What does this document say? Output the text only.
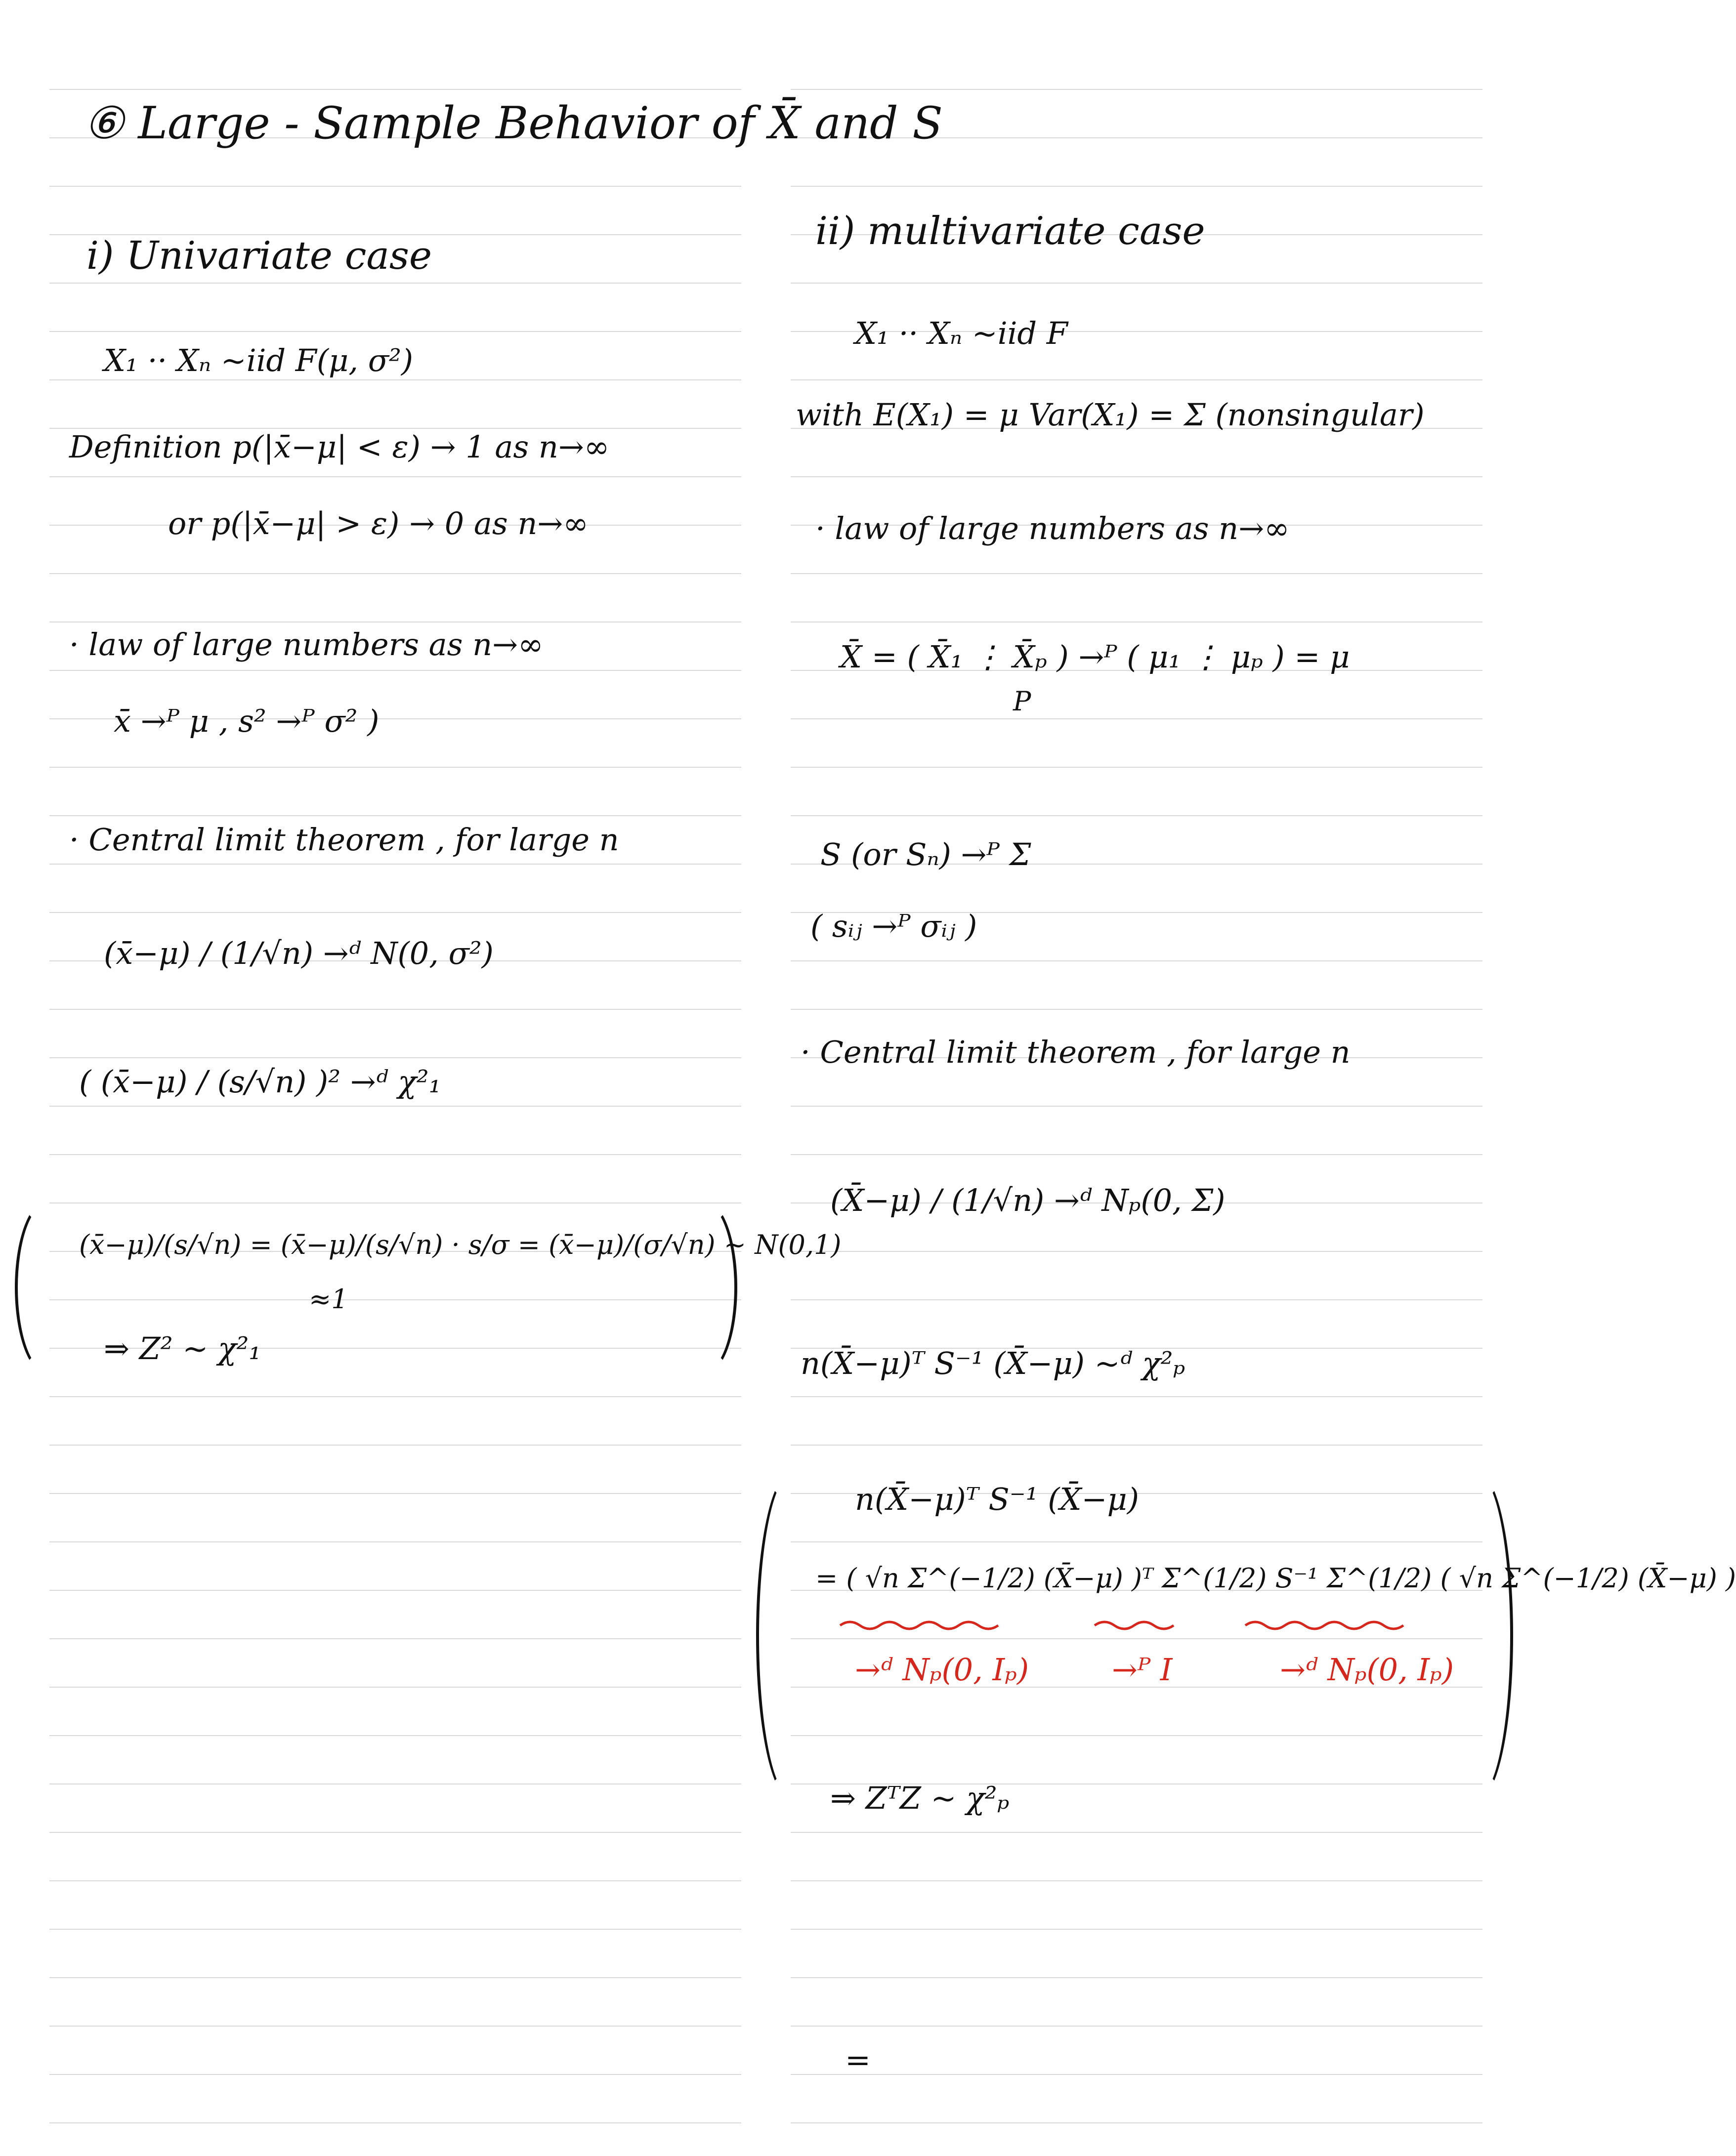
⑥ Large - Sample Behavior of X̄ and S
i) Univariate case
X₁ ·· Xₙ ~iid F(μ, σ²)
Definition p(|x̄−μ| < ε) → 1 as n→∞
or p(|x̄−μ| > ε) → 0 as n→∞
· law of large numbers as n→∞
x̄ →ᴾ μ , s² →ᴾ σ² )
· Central limit theorem , for large n
(x̄−μ) / (1/√n) →ᵈ N(0, σ²)
( (x̄−μ) / (s/√n) )² →ᵈ χ²₁
(x̄−μ)/(s/√n) = (x̄−μ)/(s/√n) · s/σ = (x̄−μ)/(σ/√n) ~ N(0,1)
≈1
⇒ Z² ~ χ²₁
ii) multivariate case
X₁ ·· Xₙ ~iid F
with E(X₁) = μ Var(X₁) = Σ (nonsingular)
· law of large numbers as n→∞
X̄ = ( X̄₁ ⋮ X̄ₚ ) →ᴾ ( μ₁ ⋮ μₚ ) = μ
P
S (or Sₙ) →ᴾ Σ
( sᵢⱼ →ᴾ σᵢⱼ )
· Central limit theorem , for large n
(X̄−μ) / (1/√n) →ᵈ Nₚ(0, Σ)
n(X̄−μ)ᵀ S⁻¹ (X̄−μ) ~ᵈ χ²ₚ
n(X̄−μ)ᵀ S⁻¹ (X̄−μ)
= ( √n Σ^(−1/2) (X̄−μ) )ᵀ Σ^(1/2) S⁻¹ Σ^(1/2) ( √n Σ^(−1/2) (X̄−μ) )
→ᵈ Nₚ(0, Iₚ)	→ᴾ I	→ᵈ Nₚ(0, Iₚ)
⇒ ZᵀZ ~ χ²ₚ
=
